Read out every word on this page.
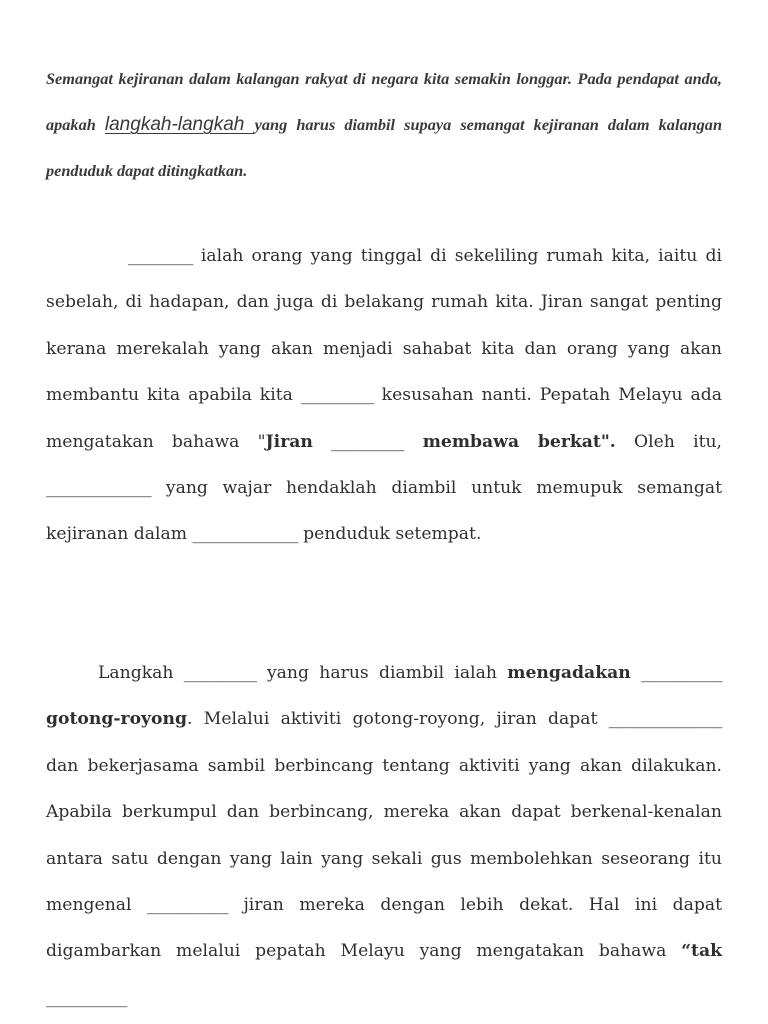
Semangat kejiranan dalam kalangan rakyat di negara kita semakin longgar. Pada pendapat anda, apakah langkah-langkah yang harus diambil supaya semangat kejiranan dalam kalangan penduduk dapat ditingkatkan.

________ ialah orang yang tinggal di sekeliling rumah kita, iaitu di sebelah, di hadapan, dan juga di belakang rumah kita. Jiran sangat penting kerana merekalah yang akan menjadi sahabat kita dan orang yang akan membantu kita apabila kita _________ kesusahan nanti. Pepatah Melayu ada mengatakan bahawa "Jiran _________ membawa berkat". Oleh itu, _____________ yang wajar hendaklah diambil untuk memupuk semangat kejiranan dalam _____________ penduduk setempat.

Langkah _________ yang harus diambil ialah mengadakan __________ gotong-royong. Melalui aktiviti gotong-royong, jiran dapat ______________ dan bekerjasama sambil berbincang tentang aktiviti yang akan dilakukan. Apabila berkumpul dan berbincang, mereka akan dapat berkenal-kenalan antara satu dengan yang lain yang sekali gus membolehkan seseorang itu mengenal __________ jiran mereka dengan lebih dekat. Hal ini dapat digambarkan melalui pepatah Melayu yang mengatakan bahawa “tak __________
